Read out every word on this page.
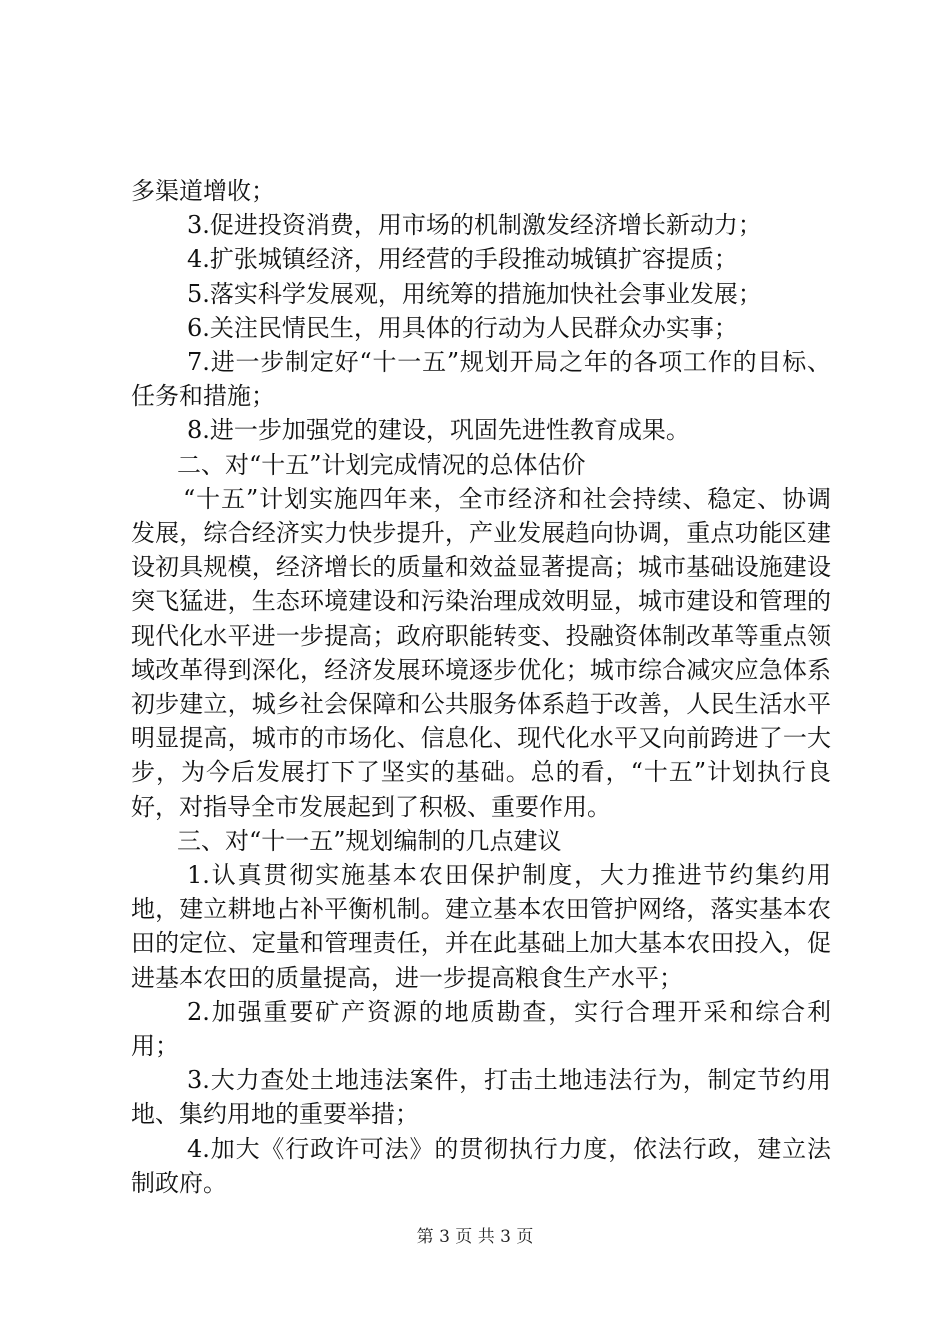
多渠道增收；

3.促进投资消费，用市场的机制激发经济增长新动力；

4.扩张城镇经济，用经营的手段推动城镇扩容提质；

5.落实科学发展观，用统筹的措施加快社会事业发展；

6.关注民情民生，用具体的行动为人民群众办实事；

7.进一步制定好“十一五”规划开局之年的各项工作的目标、任务和措施；

8.进一步加强党的建设，巩固先进性教育成果。

二、对“十五”计划完成情况的总体估价

“十五”计划实施四年来，全市经济和社会持续、稳定、协调发展，综合经济实力快步提升，产业发展趋向协调，重点功能区建设初具规模，经济增长的质量和效益显著提高；城市基础设施建设突飞猛进，生态环境建设和污染治理成效明显，城市建设和管理的现代化水平进一步提高；政府职能转变、投融资体制改革等重点领域改革得到深化，经济发展环境逐步优化；城市综合减灾应急体系初步建立，城乡社会保障和公共服务体系趋于改善，人民生活水平明显提高，城市的市场化、信息化、现代化水平又向前跨进了一大步，为今后发展打下了坚实的基础。总的看，“十五”计划执行良好，对指导全市发展起到了积极、重要作用。

三、对“十一五”规划编制的几点建议

1.认真贯彻实施基本农田保护制度，大力推进节约集约用地，建立耕地占补平衡机制。建立基本农田管护网络，落实基本农田的定位、定量和管理责任，并在此基础上加大基本农田投入，促进基本农田的质量提高，进一步提高粮食生产水平；

2.加强重要矿产资源的地质勘查，实行合理开采和综合利用；

3.大力查处土地违法案件，打击土地违法行为，制定节约用地、集约用地的重要举措；

4.加大《行政许可法》的贯彻执行力度，依法行政，建立法制政府。

第 3 页 共 3 页
